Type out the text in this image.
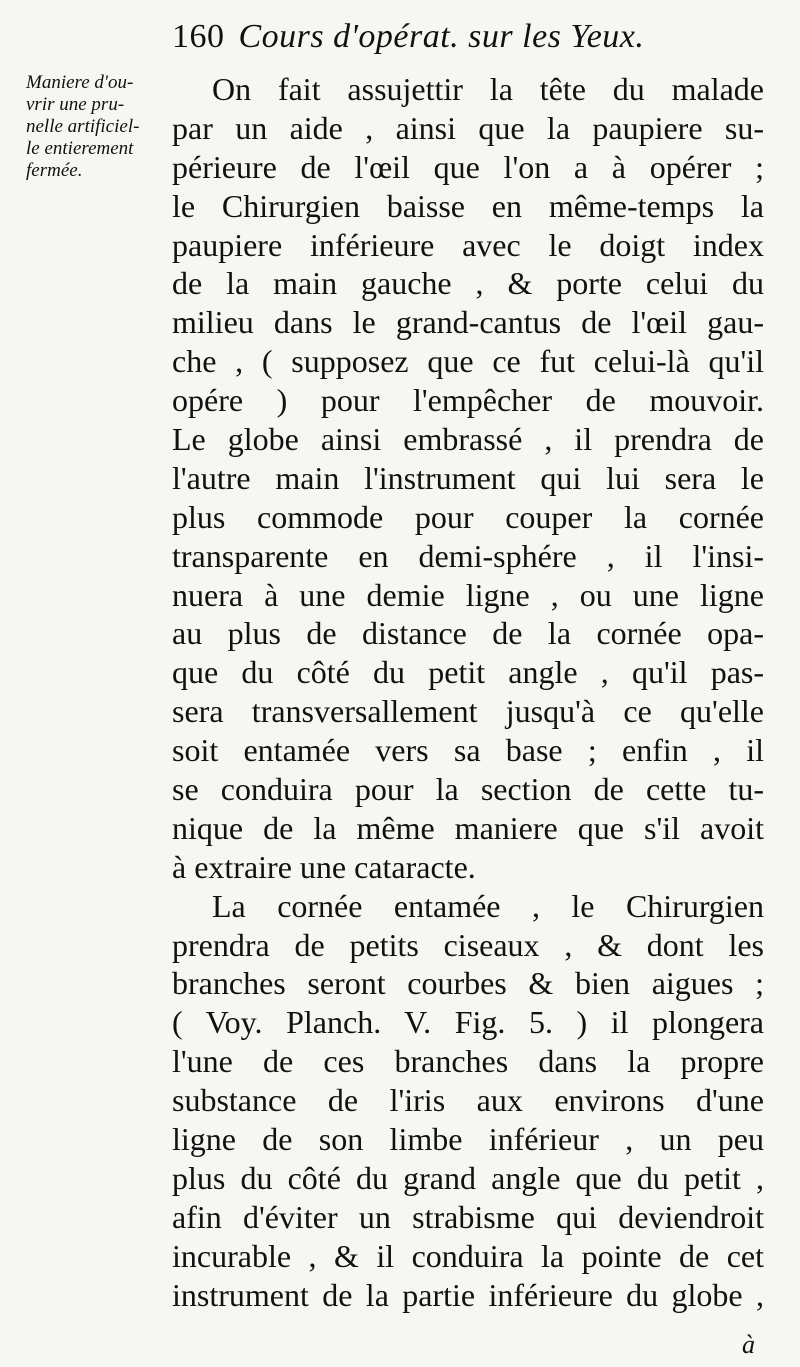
160 Cours d'opérat. sur les Yeux.
Maniere d'ou-
vrir une pru-
nelle artificiel-
le entierement
fermée.
On fait assujettir la tête du malade
par un aide , ainsi que la paupiere su-
périeure de l'œil que l'on a à opérer ;
le Chirurgien baisse en même-temps la
paupiere inférieure avec le doigt index
de la main gauche , & porte celui du
milieu dans le grand-cantus de l'œil gau-
che , ( supposez que ce fut celui-là qu'il
opére ) pour l'empêcher de mouvoir.
Le globe ainsi embrassé , il prendra de
l'autre main l'instrument qui lui sera le
plus commode pour couper la cornée
transparente en demi-sphére , il l'insi-
nuera à une demie ligne , ou une ligne
au plus de distance de la cornée opa-
que du côté du petit angle , qu'il pas-
sera transversallement jusqu'à ce qu'elle
soit entamée vers sa base ; enfin , il
se conduira pour la section de cette tu-
nique de la même maniere que s'il avoit
à extraire une cataracte.
La cornée entamée , le Chirurgien
prendra de petits ciseaux , & dont les
branches seront courbes & bien aigues ;
( Voy. Planch. V. Fig. 5. ) il plongera
l'une de ces branches dans la propre
substance de l'iris aux environs d'une
ligne de son limbe inférieur , un peu
plus du côté du grand angle que du petit ,
afin d'éviter un strabisme qui deviendroit
incurable , & il conduira la pointe de cet
instrument de la partie inférieure du globe ,
à
